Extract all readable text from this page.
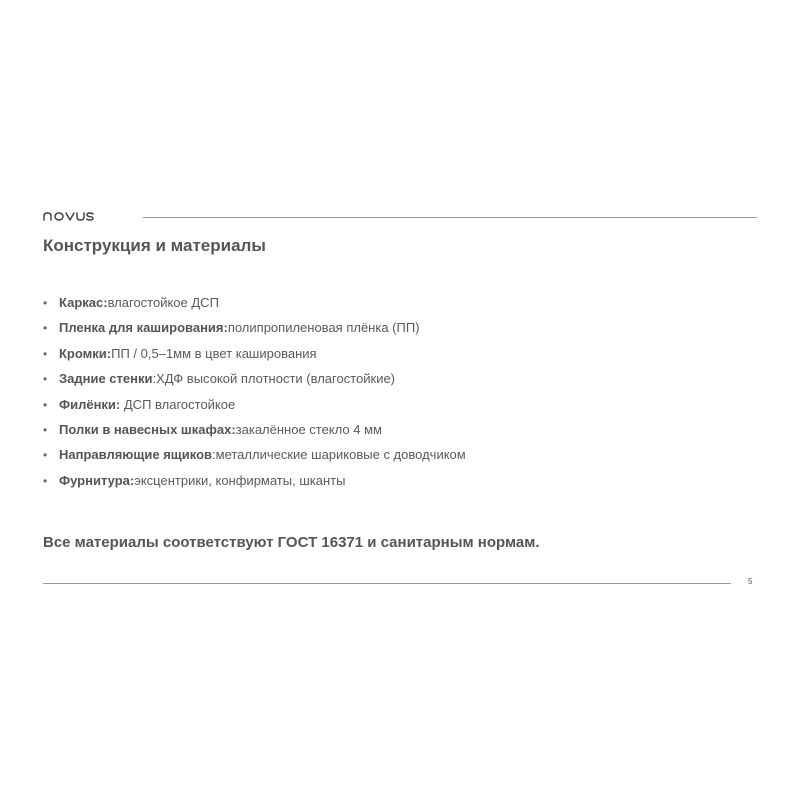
Конструкция и материалы
• Каркас:влагостойкое ДСП
• Пленка для каширования:полипропиленовая плёнка (ПП)
• Кромки:ПП / 0,5–1мм в цвет каширования
• Задние стенки:ХДФ высокой плотности (влагостойкие)
• Филёнки: ДСП влагостойкое
• Полки в навесных шкафах:закалённое стекло 4 мм
• Направляющие ящиков:металлические шариковые с доводчиком
• Фурнитура:эксцентрики, конфирматы, шканты

Все материалы соответствуют ГОСТ 16371 и санитарным нормам.

5
